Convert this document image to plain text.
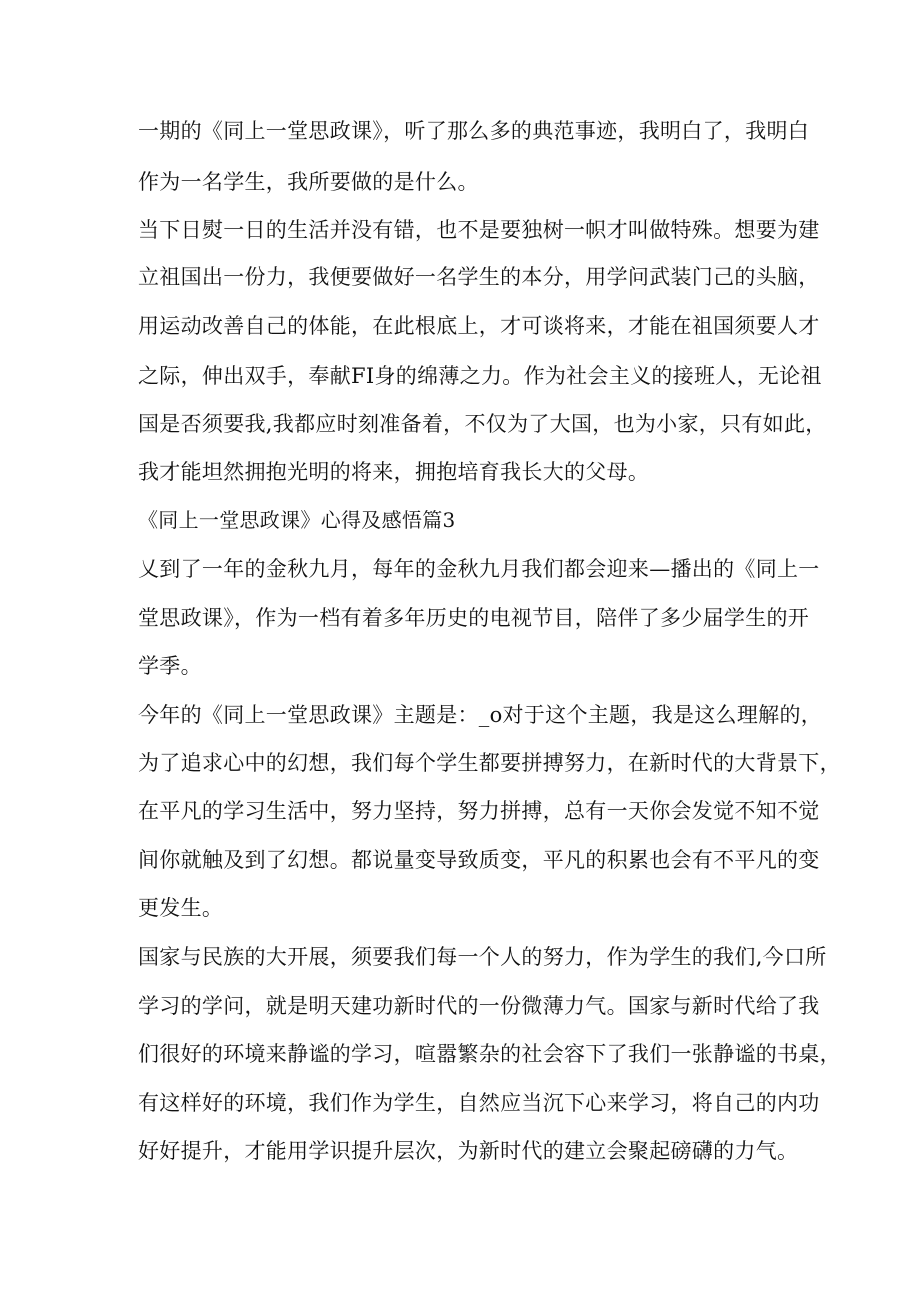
一期的《同上一堂思政课》，听了那么多的典范事迹，我明白了，我明白
作为一名学生，我所要做的是什么。
当下日熨一日的生活并没有错，也不是要独树一帜才叫做特殊。想要为建
立祖国出一份力，我便要做好一名学生的本分，用学问武装门己的头脑，
用运动改善自己的体能，在此根底上，才可谈将来，才能在祖国须要人才
之际，伸出双手，奉献FI身的绵薄之力。作为社会主义的接班人，无论祖
国是否须要我,我都应时刻准备着，不仅为了大国，也为小家，只有如此，
我才能坦然拥抱光明的将来，拥抱培育我长大的父母。
《同上一堂思政课》心得及感悟篇3
乂到了一年的金秋九月，每年的金秋九月我们都会迎来—播出的《同上一
堂思政课》，作为一档有着多年历史的电视节目，陪伴了多少届学生的开
学季。
今年的《同上一堂思政课》主题是：_o对于这个主题，我是这么理解的，
为了追求心中的幻想，我们每个学生都要拼搏努力，在新时代的大背景下，
在平凡的学习生活中，努力坚持，努力拼搏，总有一天你会发觉不知不觉
间你就触及到了幻想。都说量变导致质变，平凡的积累也会有不平凡的变
更发生。
国家与民族的大开展，须要我们每一个人的努力，作为学生的我们,今口所
学习的学问，就是明天建功新时代的一份微薄力气。国家与新时代给了我
们很好的环境来静谧的学习，喧嚣繁杂的社会容下了我们一张静谧的书桌，
有这样好的环境，我们作为学生，自然应当沉下心来学习，将自己的内功
好好提升，才能用学识提升层次，为新时代的建立会聚起磅礴的力气。
